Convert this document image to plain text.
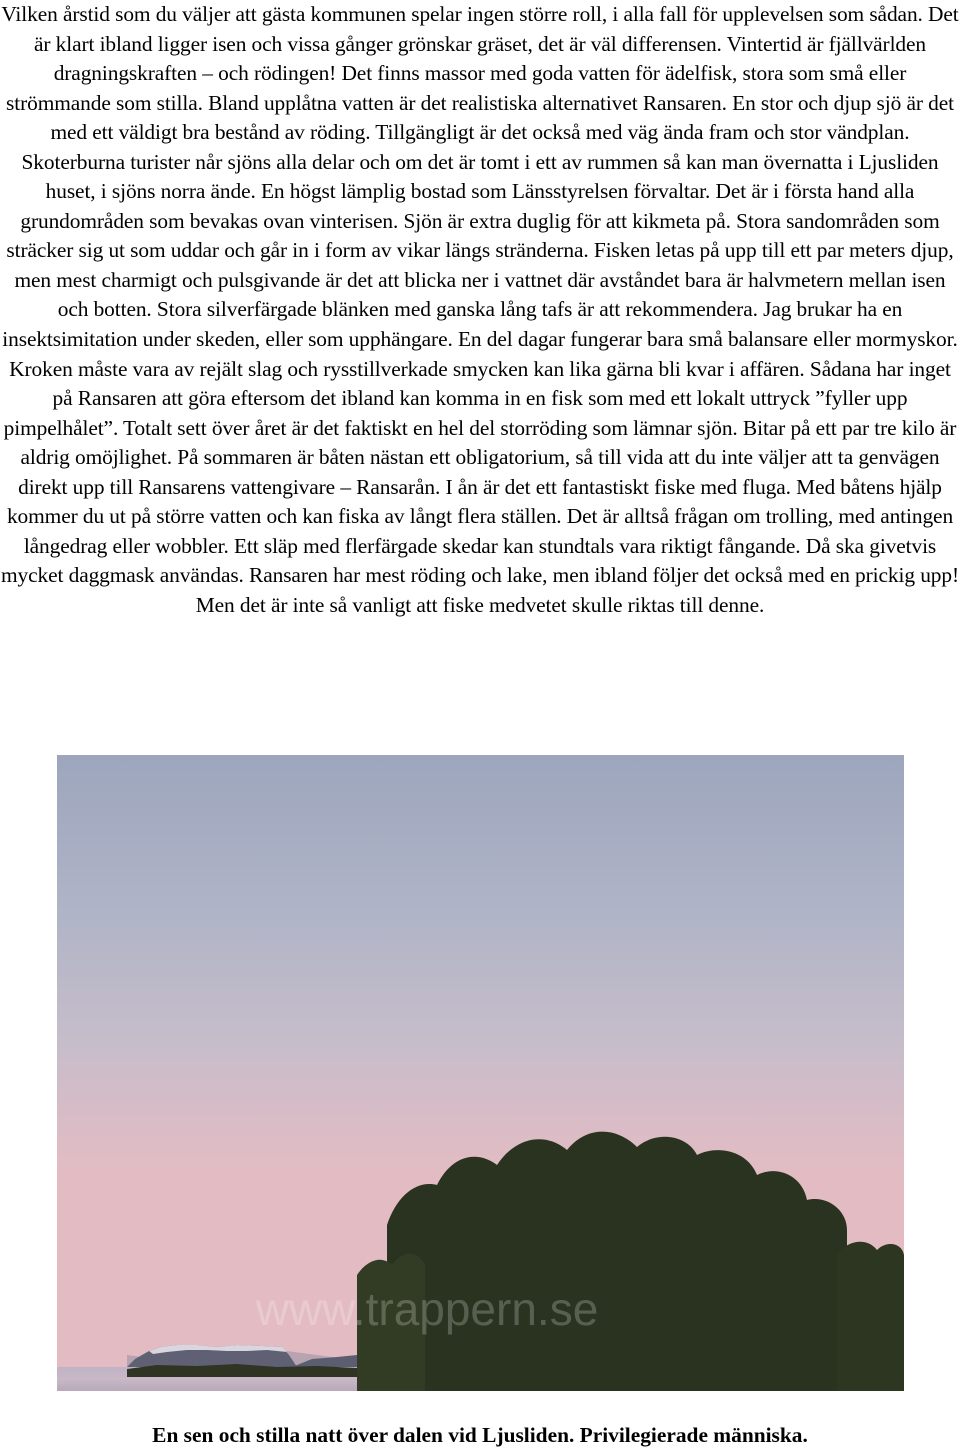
Vilken årstid som du väljer att gästa kommunen spelar ingen större roll, i alla fall för upplevelsen som sådan. Det är klart ibland ligger isen och vissa gånger grönskar gräset, det är väl differensen. Vintertid är fjällvärlden dragningskraften – och rödingen! Det finns massor med goda vatten för ädelfisk, stora som små eller strömmande som stilla. Bland upplåtna vatten är det realistiska alternativet Ransaren. En stor och djup sjö är det med ett väldigt bra bestånd av röding. Tillgängligt är det också med väg ända fram och stor vändplan. Skoterburna turister når sjöns alla delar och om det är tomt i ett av rummen så kan man övernatta i Ljusliden huset, i sjöns norra ände. En högst lämplig bostad som Länsstyrelsen förvaltar. Det är i första hand alla grundområden som bevakas ovan vinterisen. Sjön är extra duglig för att kikmeta på. Stora sandområden som sträcker sig ut som uddar och går in i form av vikar längs stränderna. Fisken letas på upp till ett par meters djup, men mest charmigt och pulsgivande är det att blicka ner i vattnet där avståndet bara är halvmetern mellan isen och botten. Stora silverfärgade blänken med ganska lång tafs är att rekommendera. Jag brukar ha en insektsimitation under skeden, eller som upphängare. En del dagar fungerar bara små balansare eller mormyskor. Kroken måste vara av rejält slag och rysstillverkade smycken kan lika gärna bli kvar i affären. Sådana har inget på Ransaren att göra eftersom det ibland kan komma in en fisk som med ett lokalt uttryck ”fyller upp pimpelhålet”. Totalt sett över året är det faktiskt en hel del storröding som lämnar sjön. Bitar på ett par tre kilo är aldrig omöjlighet. På sommaren är båten nästan ett obligatorium, så till vida att du inte väljer att ta genvägen direkt upp till Ransarens vattengivare – Ransarån. I ån är det ett fantastiskt fiske med fluga. Med båtens hjälp kommer du ut på större vatten och kan fiska av långt flera ställen. Det är alltså frågan om trolling, med antingen långedrag eller wobbler. Ett släp med flerfärgade skedar kan stundtals vara riktigt fångande. Då ska givetvis mycket daggmask användas. Ransaren har mest röding och lake, men ibland följer det också med en prickig upp! Men det är inte så vanligt att fiske medvetet skulle riktas till denne.

www.trappern.se

En sen och stilla natt över dalen vid Ljusliden. Privilegierade människa.
